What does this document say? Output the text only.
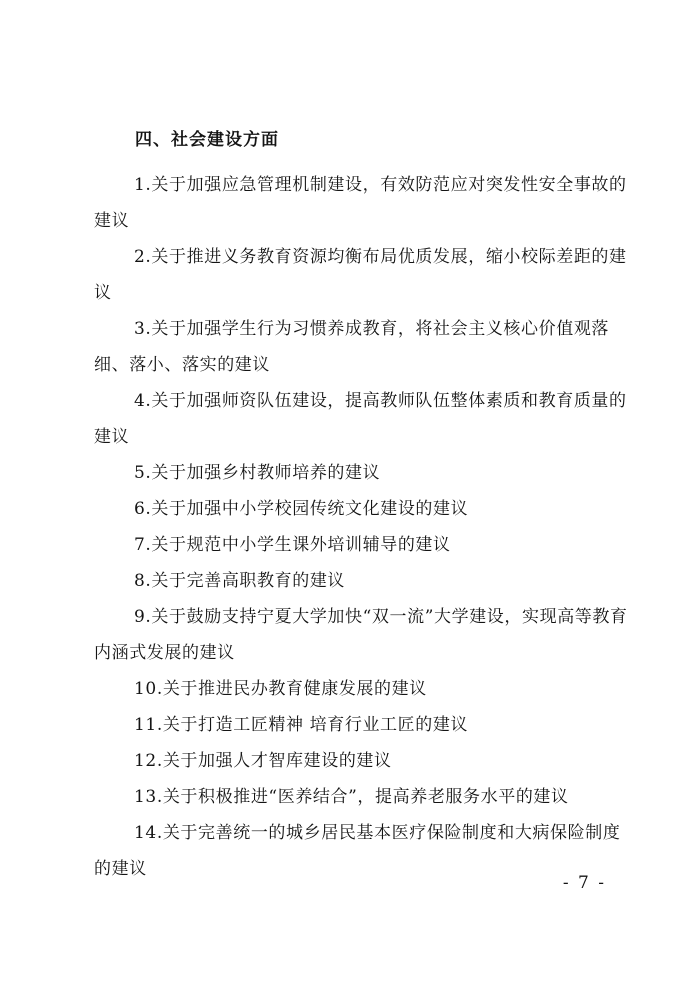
四、社会建设方面

1.关于加强应急管理机制建设，有效防范应对突发性安全事故的建议

2.关于推进义务教育资源均衡布局优质发展，缩小校际差距的建议

3.关于加强学生行为习惯养成教育，将社会主义核心价值观落细、落小、落实的建议

4.关于加强师资队伍建设，提高教师队伍整体素质和教育质量的建议

5.关于加强乡村教师培养的建议

6.关于加强中小学校园传统文化建设的建议

7.关于规范中小学生课外培训辅导的建议

8.关于完善高职教育的建议

9.关于鼓励支持宁夏大学加快“双一流”大学建设，实现高等教育内涵式发展的建议

10.关于推进民办教育健康发展的建议

11.关于打造工匠精神 培育行业工匠的建议

12.关于加强人才智库建设的建议

13.关于积极推进“医养结合”，提高养老服务水平的建议

14.关于完善统一的城乡居民基本医疗保险制度和大病保险制度的建议

- 7 -
